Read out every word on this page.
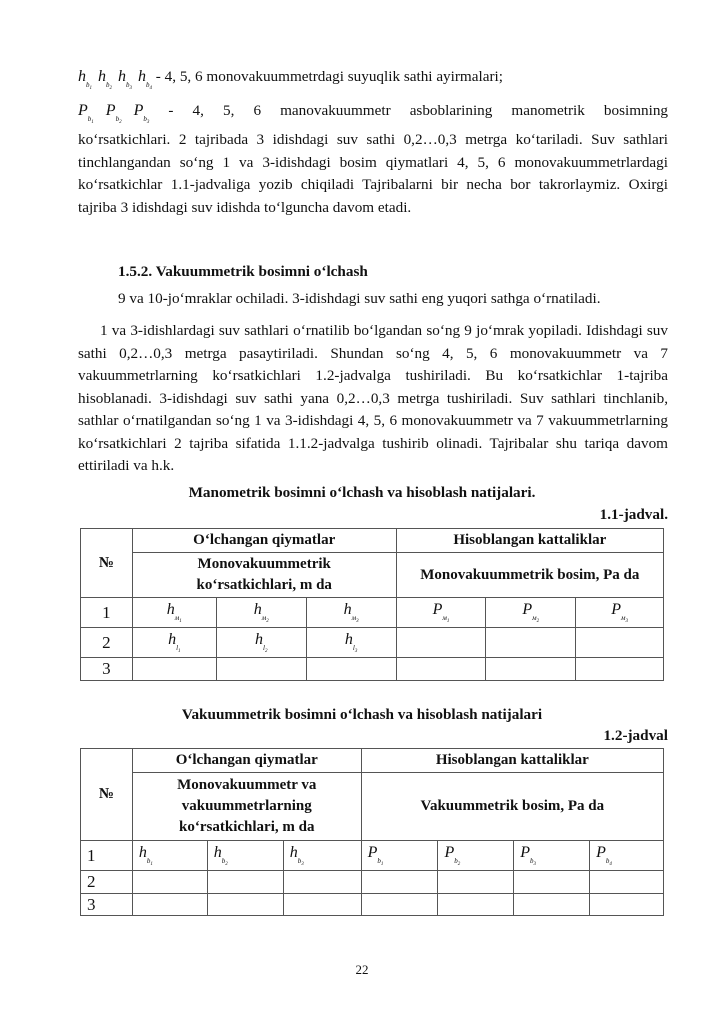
$h_{b_1}h_{b_2}h_{b_3}h_{b_4} - 4$, 5, 6 monovakuummetrdagi suyuqlik sathi ayirmalari;
$P_{b_1}P_{b_2}P_{b_3} - 4$, 5, 6 manovakuummetr asboblarining manometrik bosimning
ko‘rsatkichlari. 2 tajribada 3 idishdagi suv sathi 0,2…0,3 metrga ko‘tariladi. Suv sathlari tinchlangandan so‘ng 1 va 3-idishdagi bosim qiymatlari 4, 5, 6 monovakuummetrlardagi ko‘rsatkichlar 1.1-jadvaliga yozib chiqiladi Tajribalarni bir necha bor takrorlaymiz. Oxirgi tajriba 3 idishdagi suv idishda to‘lguncha davom etadi.
1.5.2. Vakuummetrik bosimni o‘lchash
9 va 10-jo‘mraklar ochiladi. 3-idishdagi suv sathi eng yuqori sathga o‘rnatiladi.
1 va 3-idishlardagi suv sathlari o‘rnatilib bo‘lgandan so‘ng 9 jo‘mrak yopiladi. Idishdagi suv sathi 0,2…0,3 metrga pasaytiriladi. Shundan so‘ng 4, 5, 6 monovakuummetr va 7 vakuummetrlarning ko‘rsatkichlari 1.2-jadvalga tushiriladi. Bu ko‘rsatkichlar 1-tajriba hisoblanadi. 3-idishdagi suv sathi yana 0,2…0,3 metrga tushiriladi. Suv sathlari tinchlanib, sathlar o‘rnatilgandan so‘ng 1 va 3-idishdagi 4, 5, 6 monovakuummetr va 7 vakuummetrlarning ko‘rsatkichlari 2 tajriba sifatida 1.1.2-jadvalga tushirib olinadi. Tajribalar shu tariqa davom ettiriladi va h.k.
Manometrik bosimni o‘lchash va hisoblash natijalari.
1.1-jadval.
№	O‘lchangan qiymatlar			Hisoblangan kattaliklar		
	Monovakuummetrik ko‘rsatkichlari, m da			Monovakuummetrik bosim, Pa da		
1	$h_{м_1}$	$h_{м_2}$	$h_{м_3}$	$P_{м_1}$	$P_{м_2}$	$P_{м_3}$
2	$h_{l_1}$	$h_{l_2}$	$h_{l_3}$			
3						
Vakuummetrik bosimni o‘lchash va hisoblash natijalari
1.2-jadval
№	O‘lchangan qiymatlar			Hisoblangan kattaliklar			
	Monovakuummetr va vakuummetrlarning ko‘rsatkichlari, m da			Vakuummetrik bosim, Pa da			
1	$h_{b_1}$	$h_{b_2}$	$h_{b_3}$	$P_{b_1}$	$P_{b_2}$	$P_{b_3}$	$P_{b_4}$
2							
3							
22
